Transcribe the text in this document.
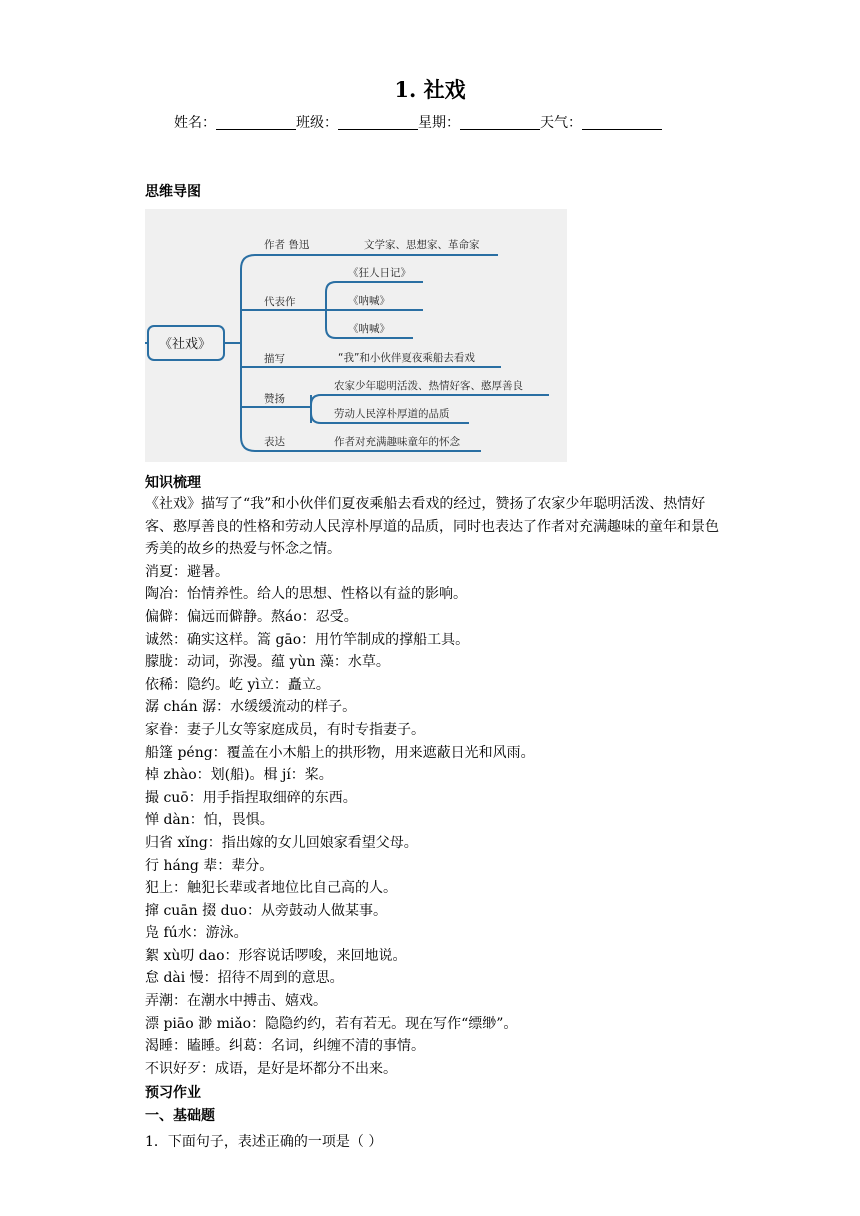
1. 社戏
姓名：	班级：	星期：	天气：
思维导图
《社戏》
作者 鲁迅	文学家、思想家、革命家
代表作
《狂人日记》
《呐喊》
《呐喊》
描写	“我”和小伙伴夏夜乘船去看戏
赞扬
农家少年聪明活泼、热情好客、憨厚善良
劳动人民淳朴厚道的品质
表达	作者对充满趣味童年的怀念
知识梳理

《社戏》描写了“我”和小伙伴们夏夜乘船去看戏的经过，赞扬了农家少年聪明活泼、热情好客、憨厚善良的性格和劳动人民淳朴厚道的品质，同时也表达了作者对充满趣味的童年和景色秀美的故乡的热爱与怀念之情。

消夏：避暑。

陶冶：怡情养性。给人的思想、性格以有益的影响。

偏僻：偏远而僻静。熬áo：忍受。

诚然：确实这样。篙 gāo：用竹竿制成的撑船工具。

朦胧：动词，弥漫。蕴 yùn 藻：水草。

依稀：隐约。屹 yì立：矗立。

潺 chán 潺：水缓缓流动的样子。

家眷：妻子儿女等家庭成员，有时专指妻子。

船篷 péng：覆盖在小木船上的拱形物，用来遮蔽日光和风雨。

棹 zhào：划(船)。楫 jí：桨。

撮 cuō：用手指捏取细碎的东西。

惮 dàn：怕，畏惧。

归省 xǐng：指出嫁的女儿回娘家看望父母。

行 háng 辈：辈分。

犯上：触犯长辈或者地位比自己高的人。

撺 cuān 掇 duo：从旁鼓动人做某事。

凫 fú水：游泳。

絮 xù叨 dao：形容说话啰唆，来回地说。

怠 dài 慢：招待不周到的意思。

弄潮：在潮水中搏击、嬉戏。

漂 piāo 渺 miǎo：隐隐约约，若有若无。现在写作“缥缈”。

渴睡：瞌睡。纠葛：名词，纠缠不清的事情。

不识好歹：成语，是好是坏都分不出来。

预习作业
一、基础题
1．下面句子，表述正确的一项是（ ）
